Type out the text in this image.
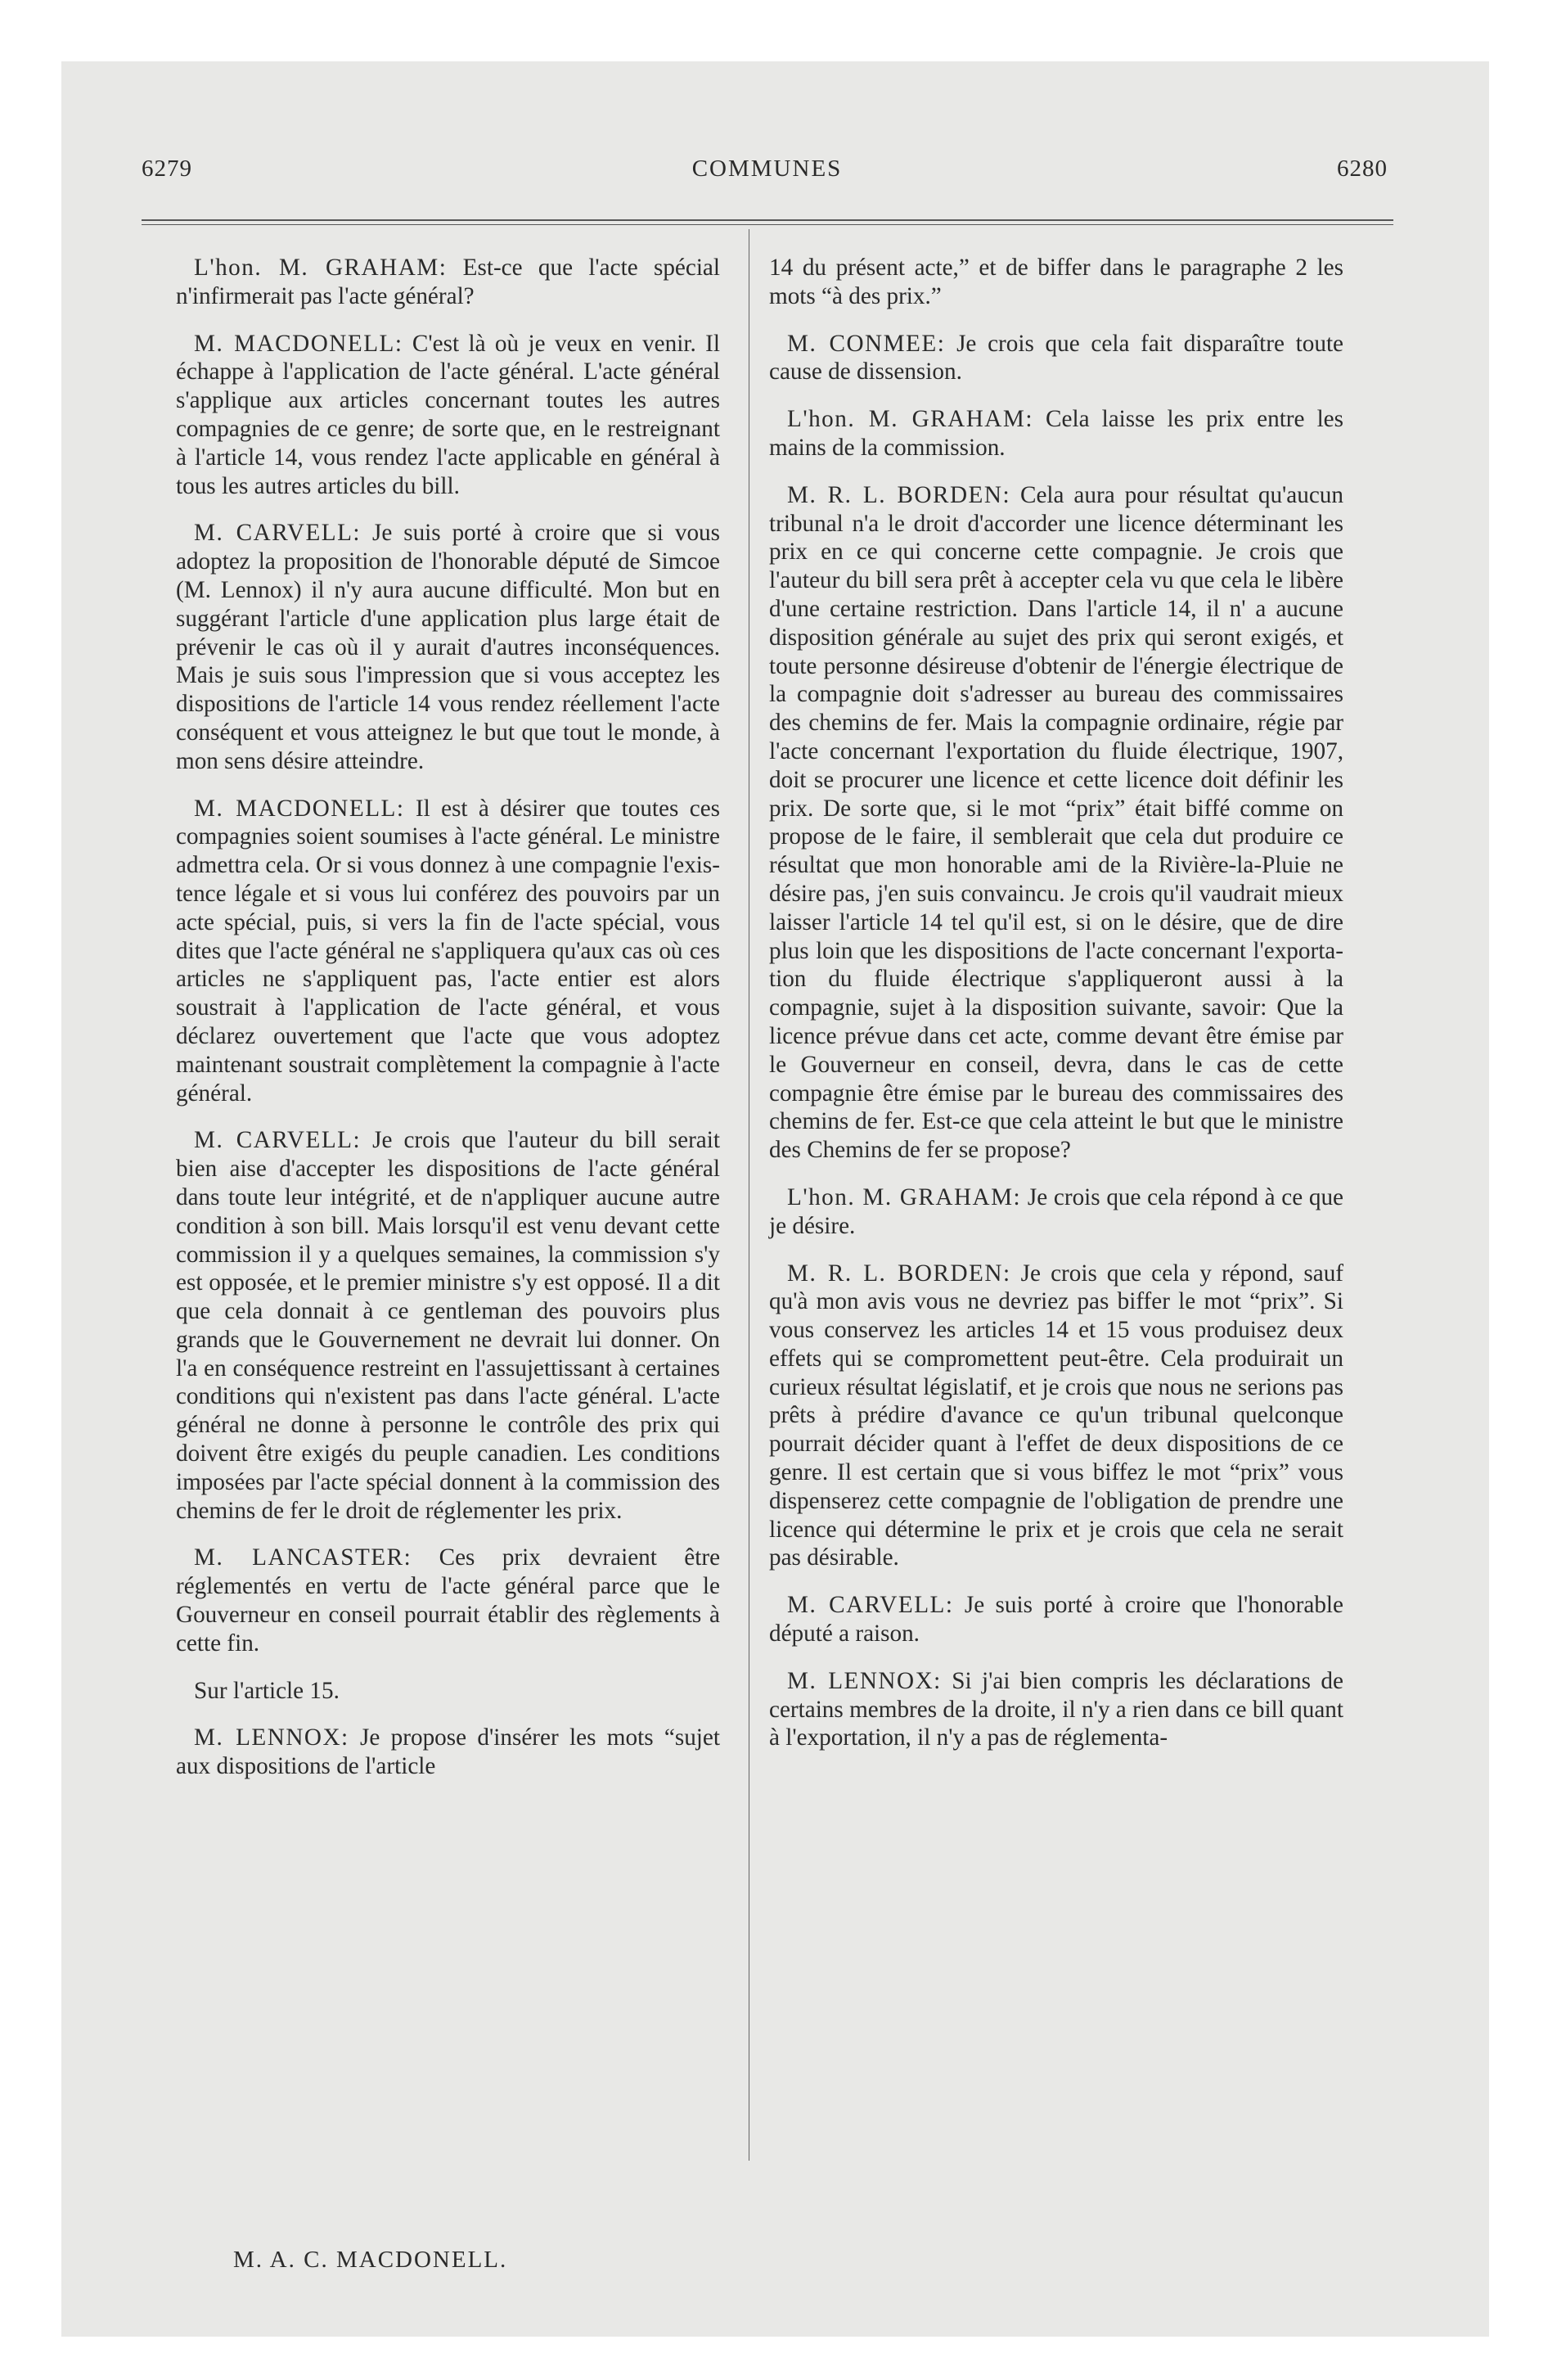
6279	COMMUNES	6280

L'hon. M. GRAHAM: Est-ce que l'acte spécial n'infirmerait pas l'acte général?

M. MACDONELL: C'est là où je veux en venir. Il échappe à l'application de l'acte général. L'acte général s'applique aux articles concernant toutes les autres compagnies de ce genre; de sorte que, en le restreignant à l'article 14, vous rendez l'acte applicable en général à tous les autres articles du bill.

M. CARVELL: Je suis porté à croire que si vous adoptez la proposition de l'honorable député de Simcoe (M. Lennox) il n'y aura aucune difficulté. Mon but en suggérant l'article d'une application plus large était de prévenir le cas où il y aurait d'autres inconséquences. Mais je suis sous l'impression que si vous acceptez les dispositions de l'article 14 vous rendez réellement l'acte conséquent et vous atteignez le but que tout le monde, à mon sens désire atteindre.

M. MACDONELL: Il est à désirer que toutes ces compagnies soient soumises à l'acte général. Le ministre admettra cela. Or si vous donnez à une compagnie l'existence légale et si vous lui conférez des pouvoirs par un acte spécial, puis, si vers la fin de l'acte spécial, vous dites que l'acte général ne s'appliquera qu'aux cas où ces articles ne s'appliquent pas, l'acte entier est alors soustrait à l'application de l'acte général, et vous déclarez ouvertement que l'acte que vous adoptez maintenant soustrait complètement la compagnie à l'acte général.

M. CARVELL: Je crois que l'auteur du bill serait bien aise d'accepter les dispositions de l'acte général dans toute leur intégrité, et de n'appliquer aucune autre condition à son bill. Mais lorsqu'il est venu devant cette commission il y a quelques semaines, la commission s'y est opposée, et le premier ministre s'y est opposé. Il a dit que cela donnait à ce gentleman des pouvoirs plus grands que le Gouvernement ne devrait lui donner. On l'a en conséquence restreint en l'assujettissant à certaines conditions qui n'existent pas dans l'acte général. L'acte général ne donne à personne le contrôle des prix qui doivent être exigés du peuple canadien. Les conditions imposées par l'acte spécial donnent à la commission des chemins de fer le droit de réglementer les prix.

M. LANCASTER: Ces prix devraient être réglementés en vertu de l'acte général parce que le Gouverneur en conseil pourrait établir des règlements à cette fin.

Sur l'article 15.

M. LENNOX: Je propose d'insérer les mots “sujet aux dispositions de l'article

14 du présent acte,” et de biffer dans le paragraphe 2 les mots “à des prix.”

M. CONMEE: Je crois que cela fait disparaître toute cause de dissension.

L'hon. M. GRAHAM: Cela laisse les prix entre les mains de la commission.

M. R. L. BORDEN: Cela aura pour résultat qu'aucun tribunal n'a le droit d'accorder une licence déterminant les prix en ce qui concerne cette compagnie. Je crois que l'auteur du bill sera prêt à accepter cela vu que cela le libère d'une certaine restriction. Dans l'article 14, il n' a aucune disposition générale au sujet des prix qui seront exigés, et toute personne désireuse d'obtenir de l'énergie électrique de la compagnie doit s'adresser au bureau des commissaires des chemins de fer. Mais la compagnie ordinaire, régie par l'acte concernant l'exportation du fluide électrique, 1907, doit se procurer une licence et cette licence doit définir les prix. De sorte que, si le mot “prix” était biffé comme on propose de le faire, il semblerait que cela dut produire ce résultat que mon honorable ami de la Rivière-la-Pluie ne désire pas, j'en suis convaincu. Je crois qu'il vaudrait mieux laisser l'article 14 tel qu'il est, si on le désire, que de dire plus loin que les dispositions de l'acte concernant l'exportation du fluide électrique s'appliqueront aussi à la compagnie, sujet à la disposition suivante, savoir: Que la licence prévue dans cet acte, comme devant être émise par le Gouverneur en conseil, devra, dans le cas de cette compagnie être émise par le bureau des commissaires des chemins de fer. Est-ce que cela atteint le but que le ministre des Chemins de fer se propose?

L'hon. M. GRAHAM: Je crois que cela répond à ce que je désire.

M. R. L. BORDEN: Je crois que cela y répond, sauf qu'à mon avis vous ne devriez pas biffer le mot “prix”. Si vous conservez les articles 14 et 15 vous produisez deux effets qui se compromettent peut-être. Cela produirait un curieux résultat législatif, et je crois que nous ne serions pas prêts à prédire d'avance ce qu'un tribunal quelconque pourrait décider quant à l'effet de deux dispositions de ce genre. Il est certain que si vous biffez le mot “prix” vous dispenserez cette compagnie de l'obligation de prendre une licence qui détermine le prix et je crois que cela ne serait pas désirable.

M. CARVELL: Je suis porté à croire que l'honorable député a raison.

M. LENNOX: Si j'ai bien compris les déclarations de certains membres de la droite, il n'y a rien dans ce bill quant à l'exportation, il n'y a pas de réglementa-

M. A. C. MACDONELL.
